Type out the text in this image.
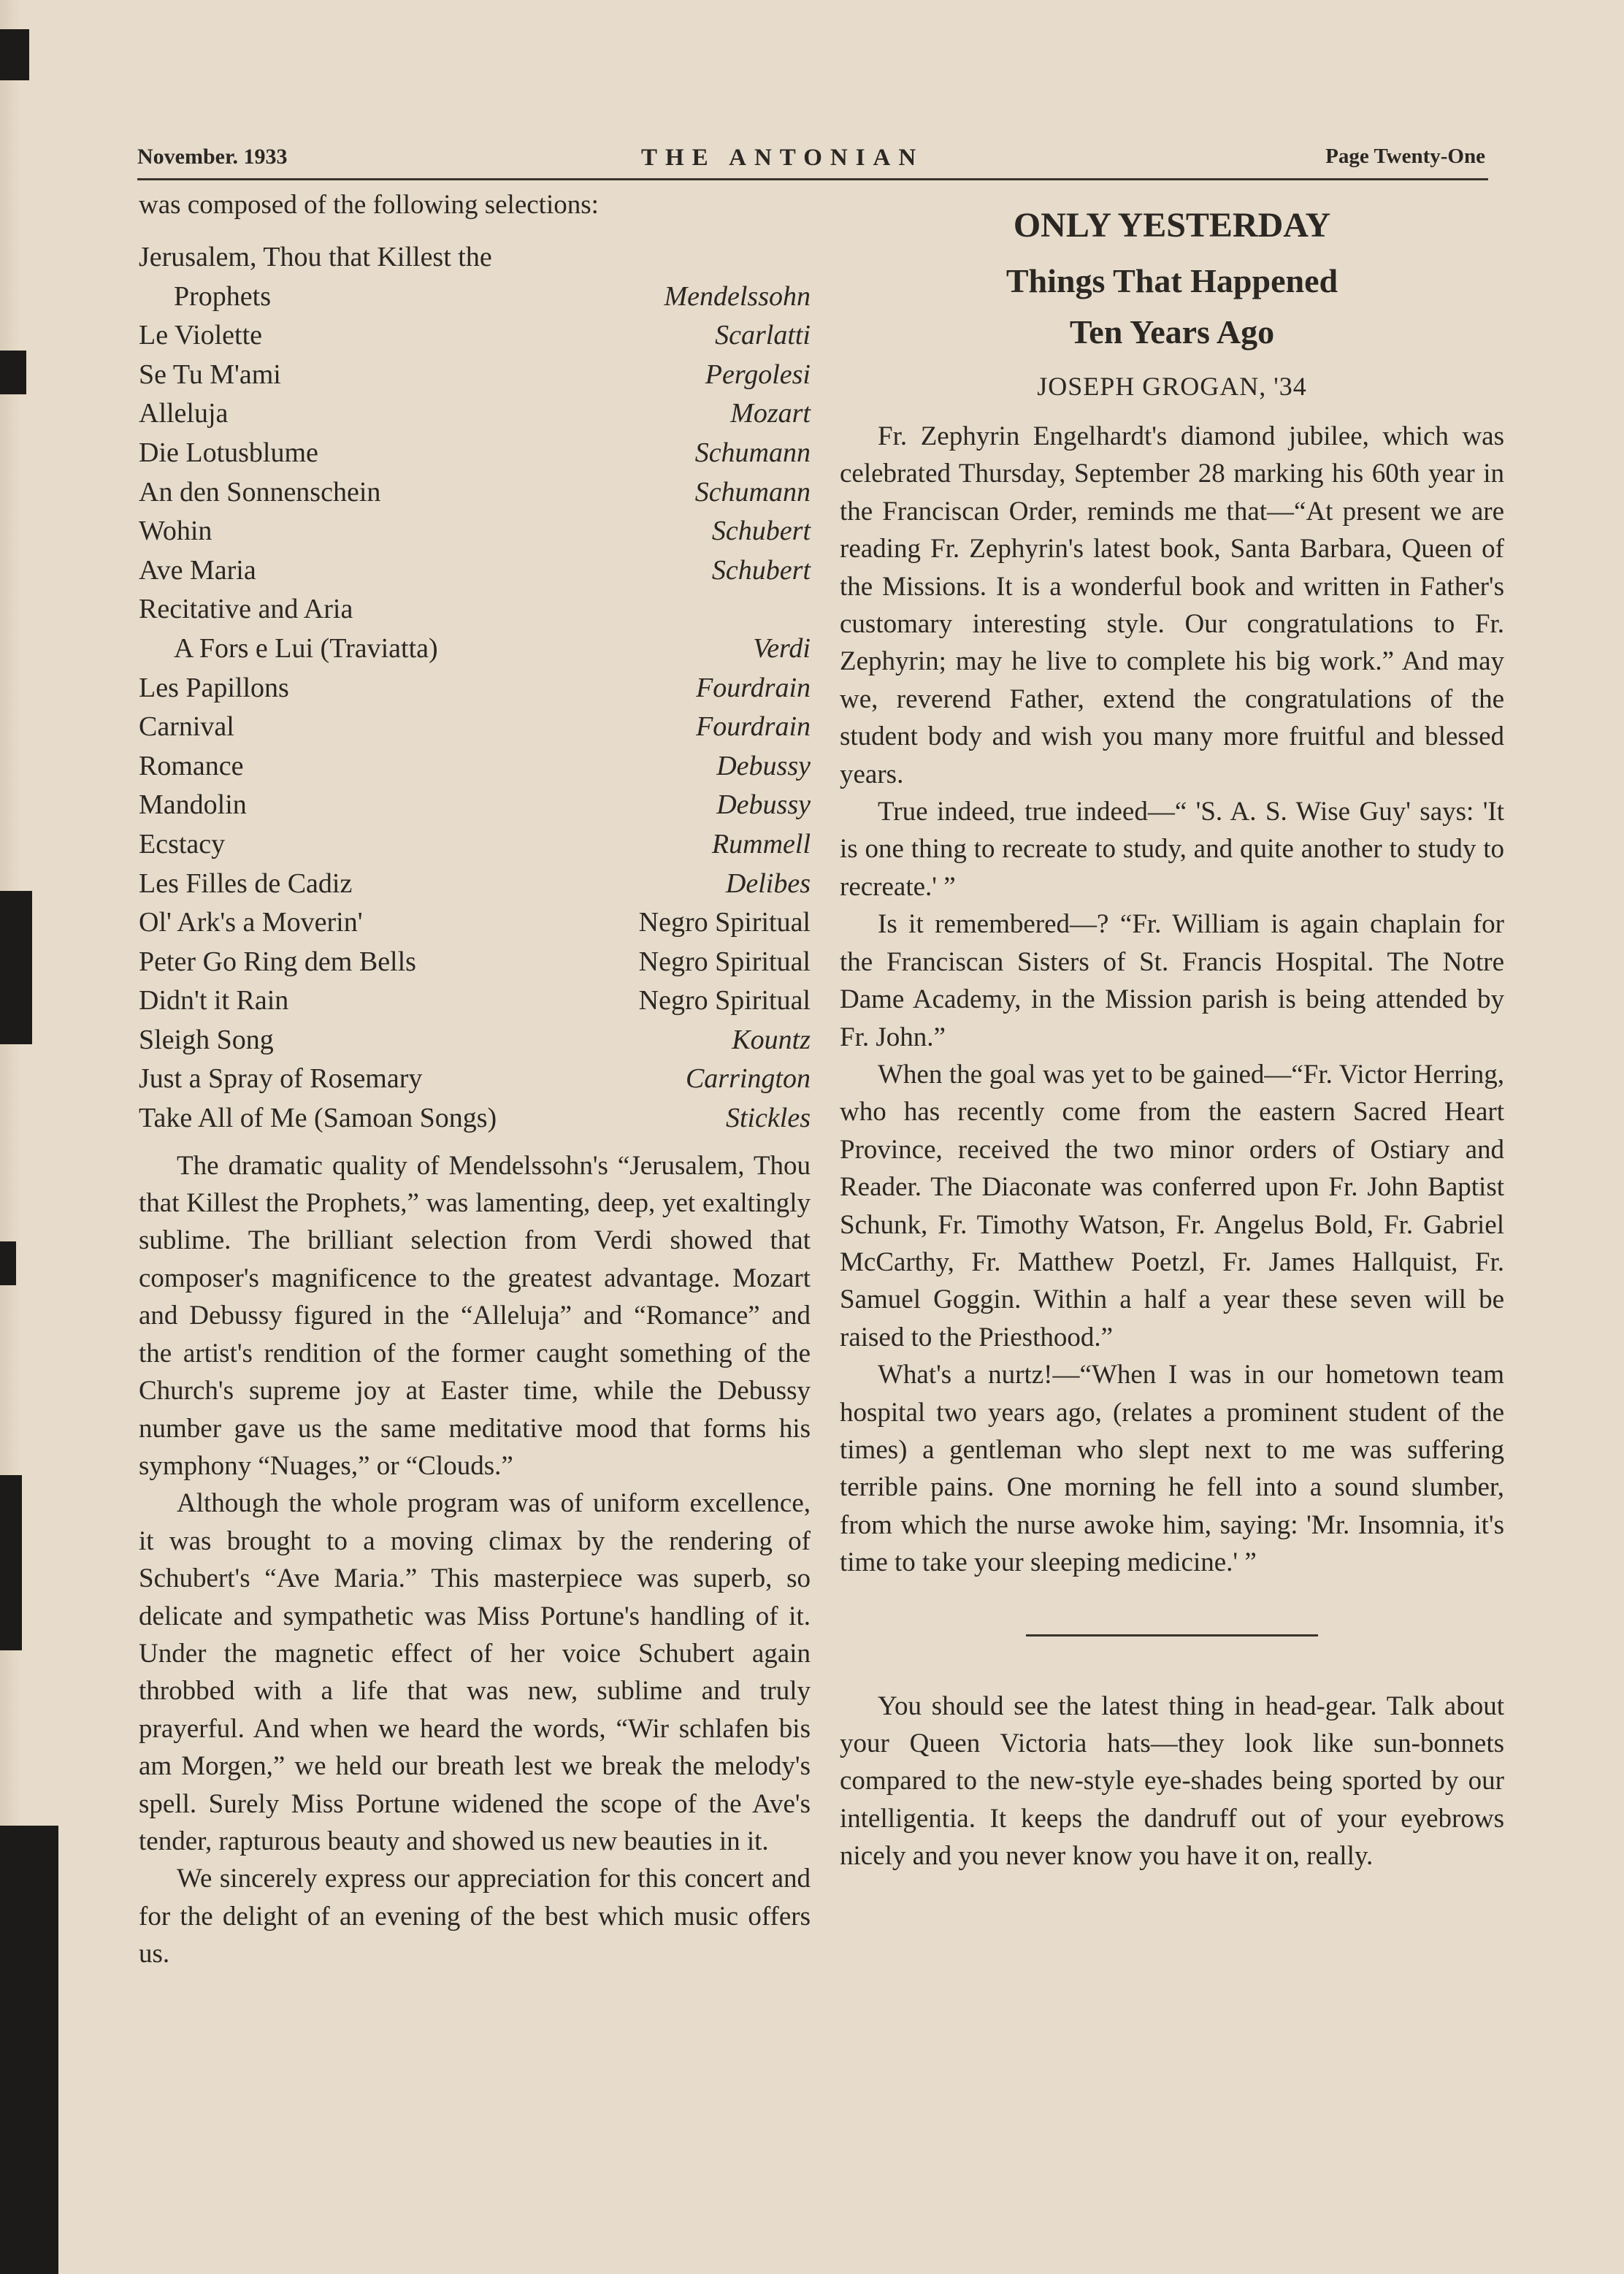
November. 1933	THE ANTONIAN	Page Twenty-One
was composed of the following selections:
Jerusalem, Thou that Killest the
Prophets	Mendelssohn
Le Violette	Scarlatti
Se Tu M'ami	Pergolesi
Alleluja	Mozart
Die Lotusblume	Schumann
An den Sonnenschein	Schumann
Wohin	Schubert
Ave Maria	Schubert
Recitative and Aria
A Fors e Lui (Traviatta)	Verdi
Les Papillons	Fourdrain
Carnival	Fourdrain
Romance	Debussy
Mandolin	Debussy
Ecstacy	Rummell
Les Filles de Cadiz	Delibes
Ol' Ark's a Moverin'	Negro Spiritual
Peter Go Ring dem Bells	Negro Spiritual
Didn't it Rain	Negro Spiritual
Sleigh Song	Kountz
Just a Spray of Rosemary	Carrington
Take All of Me (Samoan Songs)	Stickles

The dramatic quality of Mendelssohn's “Jerusalem, Thou that Killest the Prophets,” was lamenting, deep, yet exaltingly sublime. The brilliant selection from Verdi showed that composer's magnificence to the greatest advantage. Mozart and Debussy figured in the “Alleluja” and “Romance” and the artist's rendition of the former caught something of the Church's supreme joy at Easter time, while the Debussy number gave us the same meditative mood that forms his symphony “Nuages,” or “Clouds.”

Although the whole program was of uniform excellence, it was brought to a moving climax by the rendering of Schubert's “Ave Maria.” This masterpiece was superb, so delicate and sympathetic was Miss Portune's handling of it. Under the magnetic effect of her voice Schubert again throbbed with a life that was new, sublime and truly prayerful. And when we heard the words, “Wir schlafen bis am Morgen,” we held our breath lest we break the melody's spell. Surely Miss Portune widened the scope of the Ave's tender, rapturous beauty and showed us new beauties in it.

We sincerely express our appreciation for this concert and for the delight of an evening of the best which music offers us.

ONLY YESTERDAY
Things That Happened
Ten Years Ago
JOSEPH GROGAN, '34

Fr. Zephyrin Engelhardt's diamond jubilee, which was celebrated Thursday, September 28 marking his 60th year in the Franciscan Order, reminds me that—“At present we are reading Fr. Zephyrin's latest book, Santa Barbara, Queen of the Missions. It is a wonderful book and written in Father's customary interesting style. Our congratulations to Fr. Zephyrin; may he live to complete his big work.” And may we, reverend Father, extend the congratulations of the student body and wish you many more fruitful and blessed years.

True indeed, true indeed—“ 'S. A. S. Wise Guy' says: 'It is one thing to recreate to study, and quite another to study to recreate.' ”

Is it remembered—? “Fr. William is again chaplain for the Franciscan Sisters of St. Francis Hospital. The Notre Dame Academy, in the Mission parish is being attended by Fr. John.”

When the goal was yet to be gained—“Fr. Victor Herring, who has recently come from the eastern Sacred Heart Province, received the two minor orders of Ostiary and Reader. The Diaconate was conferred upon Fr. John Baptist Schunk, Fr. Timothy Watson, Fr. Angelus Bold, Fr. Gabriel McCarthy, Fr. Matthew Poetzl, Fr. James Hallquist, Fr. Samuel Goggin. Within a half a year these seven will be raised to the Priesthood.”

What's a nurtz!—“When I was in our hometown team hospital two years ago, (relates a prominent student of the times) a gentleman who slept next to me was suffering terrible pains. One morning he fell into a sound slumber, from which the nurse awoke him, saying: 'Mr. Insomnia, it's time to take your sleeping medicine.' ”

You should see the latest thing in head-gear. Talk about your Queen Victoria hats—they look like sun-bonnets compared to the new-style eye-shades being sported by our intelligentia. It keeps the dandruff out of your eyebrows nicely and you never know you have it on, really.
